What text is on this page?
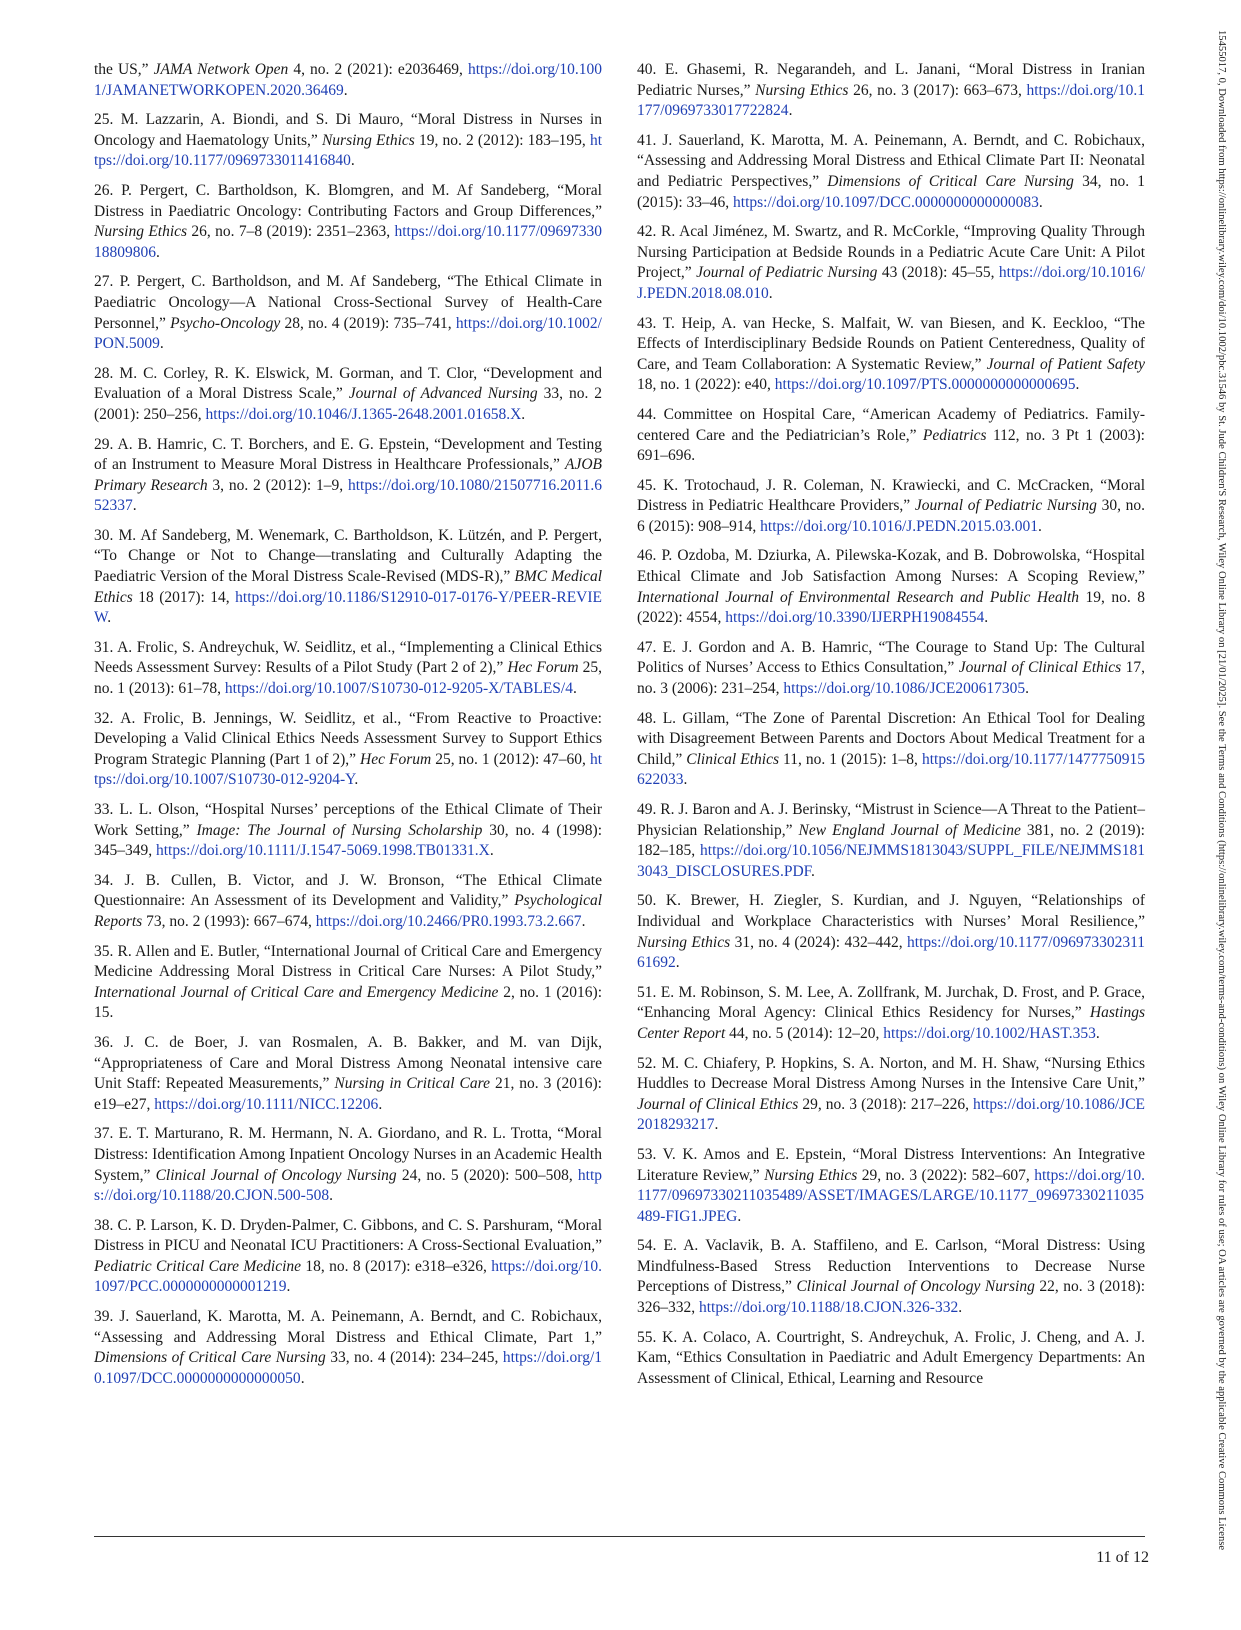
the US,” JAMA Network Open 4, no. 2 (2021): e2036469, https://doi.org/10.1001/JAMANETWORKOPEN.2020.36469.

25. M. Lazzarin, A. Biondi, and S. Di Mauro, “Moral Distress in Nurses in Oncology and Haematology Units,” Nursing Ethics 19, no. 2 (2012): 183–195, https://doi.org/10.1177/0969733011416840.

26. P. Pergert, C. Bartholdson, K. Blomgren, and M. Af Sandeberg, “Moral Distress in Paediatric Oncology: Contributing Factors and Group Differences,” Nursing Ethics 26, no. 7–8 (2019): 2351–2363, https://doi.org/10.1177/0969733018809806.

27. P. Pergert, C. Bartholdson, and M. Af Sandeberg, “The Ethical Climate in Paediatric Oncology—A National Cross-Sectional Survey of Health-Care Personnel,” Psycho-Oncology 28, no. 4 (2019): 735–741, https://doi.org/10.1002/PON.5009.

28. M. C. Corley, R. K. Elswick, M. Gorman, and T. Clor, “Development and Evaluation of a Moral Distress Scale,” Journal of Advanced Nursing 33, no. 2 (2001): 250–256, https://doi.org/10.1046/J.1365-2648.2001.01658.X.

29. A. B. Hamric, C. T. Borchers, and E. G. Epstein, “Development and Testing of an Instrument to Measure Moral Distress in Healthcare Professionals,” AJOB Primary Research 3, no. 2 (2012): 1–9, https://doi.org/10.1080/21507716.2011.652337.

30. M. Af Sandeberg, M. Wenemark, C. Bartholdson, K. Lützén, and P. Pergert, “To Change or Not to Change—translating and Culturally Adapting the Paediatric Version of the Moral Distress Scale-Revised (MDS-R),” BMC Medical Ethics 18 (2017): 14, https://doi.org/10.1186/S12910-017-0176-Y/PEER-REVIEW.

31. A. Frolic, S. Andreychuk, W. Seidlitz, et al., “Implementing a Clinical Ethics Needs Assessment Survey: Results of a Pilot Study (Part 2 of 2),” Hec Forum 25, no. 1 (2013): 61–78, https://doi.org/10.1007/S10730-012-9205-X/TABLES/4.

32. A. Frolic, B. Jennings, W. Seidlitz, et al., “From Reactive to Proactive: Developing a Valid Clinical Ethics Needs Assessment Survey to Support Ethics Program Strategic Planning (Part 1 of 2),” Hec Forum 25, no. 1 (2012): 47–60, https://doi.org/10.1007/S10730-012-9204-Y.

33. L. L. Olson, “Hospital Nurses’ perceptions of the Ethical Climate of Their Work Setting,” Image: The Journal of Nursing Scholarship 30, no. 4 (1998): 345–349, https://doi.org/10.1111/J.1547-5069.1998.TB01331.X.

34. J. B. Cullen, B. Victor, and J. W. Bronson, “The Ethical Climate Questionnaire: An Assessment of its Development and Validity,” Psychological Reports 73, no. 2 (1993): 667–674, https://doi.org/10.2466/PR0.1993.73.2.667.

35. R. Allen and E. Butler, “International Journal of Critical Care and Emergency Medicine Addressing Moral Distress in Critical Care Nurses: A Pilot Study,” International Journal of Critical Care and Emergency Medicine 2, no. 1 (2016): 15.

36. J. C. de Boer, J. van Rosmalen, A. B. Bakker, and M. van Dijk, “Appropriateness of Care and Moral Distress Among Neonatal intensive care Unit Staff: Repeated Measurements,” Nursing in Critical Care 21, no. 3 (2016): e19–e27, https://doi.org/10.1111/NICC.12206.

37. E. T. Marturano, R. M. Hermann, N. A. Giordano, and R. L. Trotta, “Moral Distress: Identification Among Inpatient Oncology Nurses in an Academic Health System,” Clinical Journal of Oncology Nursing 24, no. 5 (2020): 500–508, https://doi.org/10.1188/20.CJON.500-508.

38. C. P. Larson, K. D. Dryden-Palmer, C. Gibbons, and C. S. Parshuram, “Moral Distress in PICU and Neonatal ICU Practitioners: A Cross-Sectional Evaluation,” Pediatric Critical Care Medicine 18, no. 8 (2017): e318–e326, https://doi.org/10.1097/PCC.0000000000001219.

39. J. Sauerland, K. Marotta, M. A. Peinemann, A. Berndt, and C. Robichaux, “Assessing and Addressing Moral Distress and Ethical Climate, Part 1,” Dimensions of Critical Care Nursing 33, no. 4 (2014): 234–245, https://doi.org/10.1097/DCC.0000000000000050.

40. E. Ghasemi, R. Negarandeh, and L. Janani, “Moral Distress in Iranian Pediatric Nurses,” Nursing Ethics 26, no. 3 (2017): 663–673, https://doi.org/10.1177/0969733017722824.

41. J. Sauerland, K. Marotta, M. A. Peinemann, A. Berndt, and C. Robichaux, “Assessing and Addressing Moral Distress and Ethical Climate Part II: Neonatal and Pediatric Perspectives,” Dimensions of Critical Care Nursing 34, no. 1 (2015): 33–46, https://doi.org/10.1097/DCC.0000000000000083.

42. R. Acal Jiménez, M. Swartz, and R. McCorkle, “Improving Quality Through Nursing Participation at Bedside Rounds in a Pediatric Acute Care Unit: A Pilot Project,” Journal of Pediatric Nursing 43 (2018): 45–55, https://doi.org/10.1016/J.PEDN.2018.08.010.

43. T. Heip, A. van Hecke, S. Malfait, W. van Biesen, and K. Eeckloo, “The Effects of Interdisciplinary Bedside Rounds on Patient Centeredness, Quality of Care, and Team Collaboration: A Systematic Review,” Journal of Patient Safety 18, no. 1 (2022): e40, https://doi.org/10.1097/PTS.0000000000000695.

44. Committee on Hospital Care, “American Academy of Pediatrics. Family-centered Care and the Pediatrician’s Role,” Pediatrics 112, no. 3 Pt 1 (2003): 691–696.

45. K. Trotochaud, J. R. Coleman, N. Krawiecki, and C. McCracken, “Moral Distress in Pediatric Healthcare Providers,” Journal of Pediatric Nursing 30, no. 6 (2015): 908–914, https://doi.org/10.1016/J.PEDN.2015.03.001.

46. P. Ozdoba, M. Dziurka, A. Pilewska-Kozak, and B. Dobrowolska, “Hospital Ethical Climate and Job Satisfaction Among Nurses: A Scoping Review,” International Journal of Environmental Research and Public Health 19, no. 8 (2022): 4554, https://doi.org/10.3390/IJERPH19084554.

47. E. J. Gordon and A. B. Hamric, “The Courage to Stand Up: The Cultural Politics of Nurses’ Access to Ethics Consultation,” Journal of Clinical Ethics 17, no. 3 (2006): 231–254, https://doi.org/10.1086/JCE200617305.

48. L. Gillam, “The Zone of Parental Discretion: An Ethical Tool for Dealing with Disagreement Between Parents and Doctors About Medical Treatment for a Child,” Clinical Ethics 11, no. 1 (2015): 1–8, https://doi.org/10.1177/1477750915622033.

49. R. J. Baron and A. J. Berinsky, “Mistrust in Science—A Threat to the Patient–Physician Relationship,” New England Journal of Medicine 381, no. 2 (2019): 182–185, https://doi.org/10.1056/NEJMMS1813043/SUPPL_FILE/NEJMMS1813043_DISCLOSURES.PDF.

50. K. Brewer, H. Ziegler, S. Kurdian, and J. Nguyen, “Relationships of Individual and Workplace Characteristics with Nurses’ Moral Resilience,” Nursing Ethics 31, no. 4 (2024): 432–442, https://doi.org/10.1177/09697330231161692.

51. E. M. Robinson, S. M. Lee, A. Zollfrank, M. Jurchak, D. Frost, and P. Grace, “Enhancing Moral Agency: Clinical Ethics Residency for Nurses,” Hastings Center Report 44, no. 5 (2014): 12–20, https://doi.org/10.1002/HAST.353.

52. M. C. Chiafery, P. Hopkins, S. A. Norton, and M. H. Shaw, “Nursing Ethics Huddles to Decrease Moral Distress Among Nurses in the Intensive Care Unit,” Journal of Clinical Ethics 29, no. 3 (2018): 217–226, https://doi.org/10.1086/JCE2018293217.

53. V. K. Amos and E. Epstein, “Moral Distress Interventions: An Integrative Literature Review,” Nursing Ethics 29, no. 3 (2022): 582–607, https://doi.org/10.1177/09697330211035489/ASSET/IMAGES/LARGE/10.1177_09697330211035489-FIG1.JPEG.

54. E. A. Vaclavik, B. A. Staffileno, and E. Carlson, “Moral Distress: Using Mindfulness-Based Stress Reduction Interventions to Decrease Nurse Perceptions of Distress,” Clinical Journal of Oncology Nursing 22, no. 3 (2018): 326–332, https://doi.org/10.1188/18.CJON.326-332.

55. K. A. Colaco, A. Courtright, S. Andreychuk, A. Frolic, J. Cheng, and A. J. Kam, “Ethics Consultation in Paediatric and Adult Emergency Departments: An Assessment of Clinical, Ethical, Learning and Resource

11 of 12
15455017, 0, Downloaded from https://onlinelibrary.wiley.com/doi/10.1002/pbc.31546 by St. Jude Children'S Research, Wiley Online Library on [21/01/2025]. See the Terms and Conditions (https://onlinelibrary.wiley.com/terms-and-conditions) on Wiley Online Library for rules of use; OA articles are governed by the applicable Creative Commons License
